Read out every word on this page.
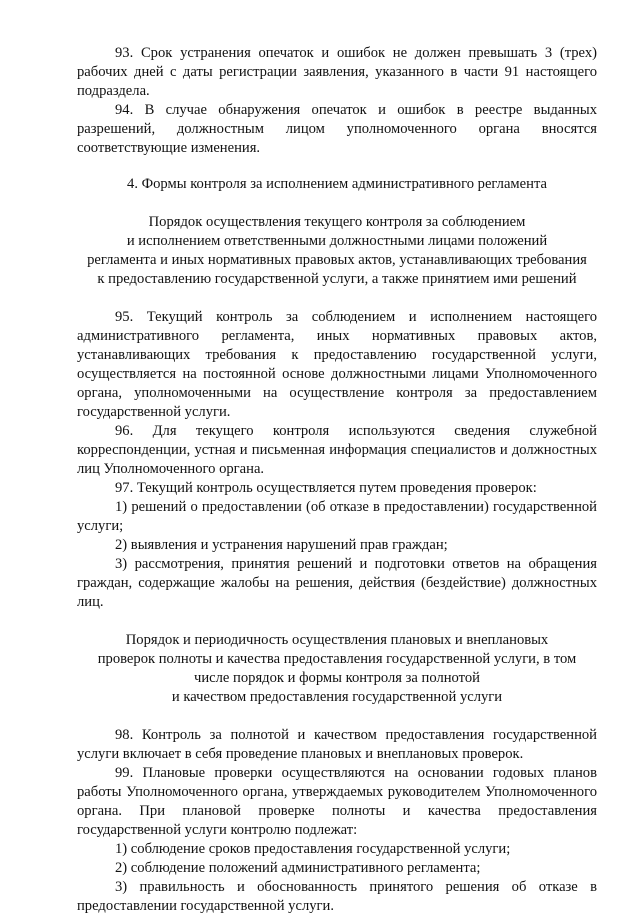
93. Срок устранения опечаток и ошибок не должен превышать 3 (трех) рабочих дней с даты регистрации заявления, указанного в части 91 настоящего подраздела.

94. В случае обнаружения опечаток и ошибок в реестре выданных разрешений, должностным лицом уполномоченного органа вносятся соответствующие изменения.

4. Формы контроля за исполнением административного регламента

Порядок осуществления текущего контроля за соблюдением

и исполнением ответственными должностными лицами положений

регламента и иных нормативных правовых актов, устанавливающих требования

к предоставлению государственной услуги, а также принятием ими решений

95. Текущий контроль за соблюдением и исполнением настоящего административного регламента, иных нормативных правовых актов, устанавливающих требования к предоставлению государственной услуги, осуществляется на постоянной основе должностными лицами Уполномоченного органа, уполномоченными на осуществление контроля за предоставлением государственной услуги.

96. Для текущего контроля используются сведения служебной корреспонденции, устная и письменная информация специалистов и должностных лиц Уполномоченного органа.

97. Текущий контроль осуществляется путем проведения проверок:

1) решений о предоставлении (об отказе в предоставлении) государственной услуги;

2) выявления и устранения нарушений прав граждан;

3) рассмотрения, принятия решений и подготовки ответов на обращения граждан, содержащие жалобы на решения, действия (бездействие) должностных лиц.

Порядок и периодичность осуществления плановых и внеплановых

проверок полноты и качества предоставления государственной услуги, в том

числе порядок и формы контроля за полнотой

и качеством предоставления государственной услуги

98. Контроль за полнотой и качеством предоставления государственной услуги включает в себя проведение плановых и внеплановых проверок.

99. Плановые проверки осуществляются на основании годовых планов работы Уполномоченного органа, утверждаемых руководителем Уполномоченного органа. При плановой проверке полноты и качества предоставления государственной услуги контролю подлежат:

1) соблюдение сроков предоставления государственной услуги;

2) соблюдение положений административного регламента;

3) правильность и обоснованность принятого решения об отказе в предоставлении государственной услуги.
